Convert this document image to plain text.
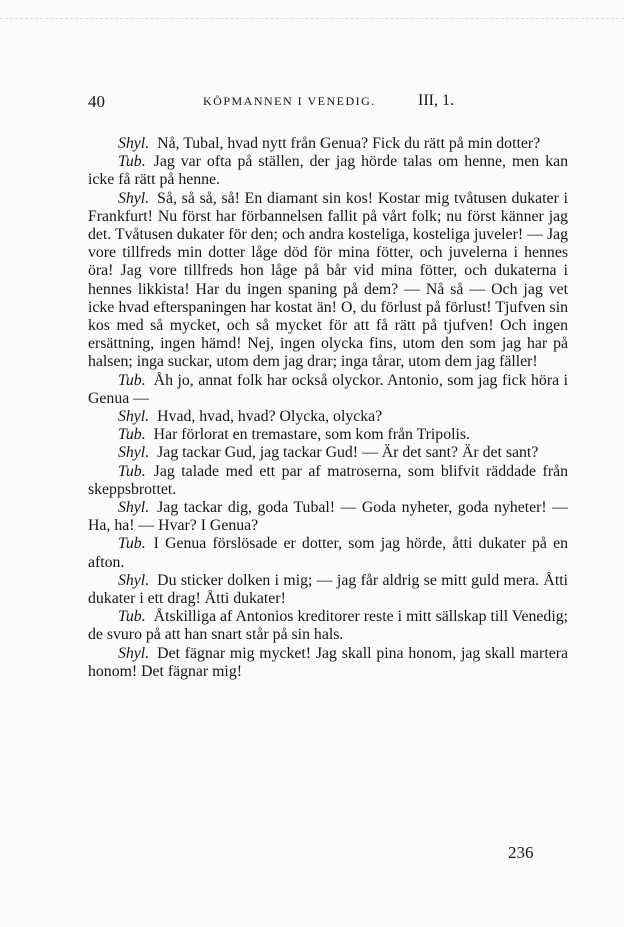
40	KÖPMANNEN I VENEDIG.	III, 1.

Shyl. Nå, Tubal, hvad nytt från Genua? Fick du rätt på min dotter?

Tub. Jag var ofta på ställen, der jag hörde talas om henne, men kan icke få rätt på henne.

Shyl. Så, så så, så! En diamant sin kos! Kostar mig tvåtusen dukater i Frankfurt! Nu först har förbannelsen fallit på vårt folk; nu först känner jag det. Tvåtusen dukater för den; och andra kosteliga, kosteliga juveler! — Jag vore tillfreds min dotter låge död för mina fötter, och juvelerna i hennes öra! Jag vore tillfreds hon låge på bår vid mina fötter, och dukaterna i hennes likkista! Har du ingen spaning på dem? — Nå så — Och jag vet icke hvad efterspaningen har kostat än! O, du förlust på förlust! Tjufven sin kos med så mycket, och så mycket för att få rätt på tjufven! Och ingen ersättning, ingen hämd! Nej, ingen olycka fins, utom den som jag har på halsen; inga suckar, utom dem jag drar; inga tårar, utom dem jag fäller!

Tub. Åh jo, annat folk har också olyckor. Antonio, som jag fick höra i Genua —

Shyl. Hvad, hvad, hvad? Olycka, olycka?

Tub. Har förlorat en tremastare, som kom från Tripolis.

Shyl. Jag tackar Gud, jag tackar Gud! — Är det sant? Är det sant?

Tub. Jag talade med ett par af matroserna, som blifvit räddade från skeppsbrottet.

Shyl. Jag tackar dig, goda Tubal! — Goda nyheter, goda nyheter! — Ha, ha! — Hvar? I Genua?

Tub. I Genua förslösade er dotter, som jag hörde, åtti dukater på en afton.

Shyl. Du sticker dolken i mig; — jag får aldrig se mitt guld mera. Åtti dukater i ett drag! Åtti dukater!

Tub. Åtskilliga af Antonios kreditorer reste i mitt sällskap till Venedig; de svuro på att han snart står på sin hals.

Shyl. Det fägnar mig mycket! Jag skall pina honom, jag skall martera honom! Det fägnar mig!

236
